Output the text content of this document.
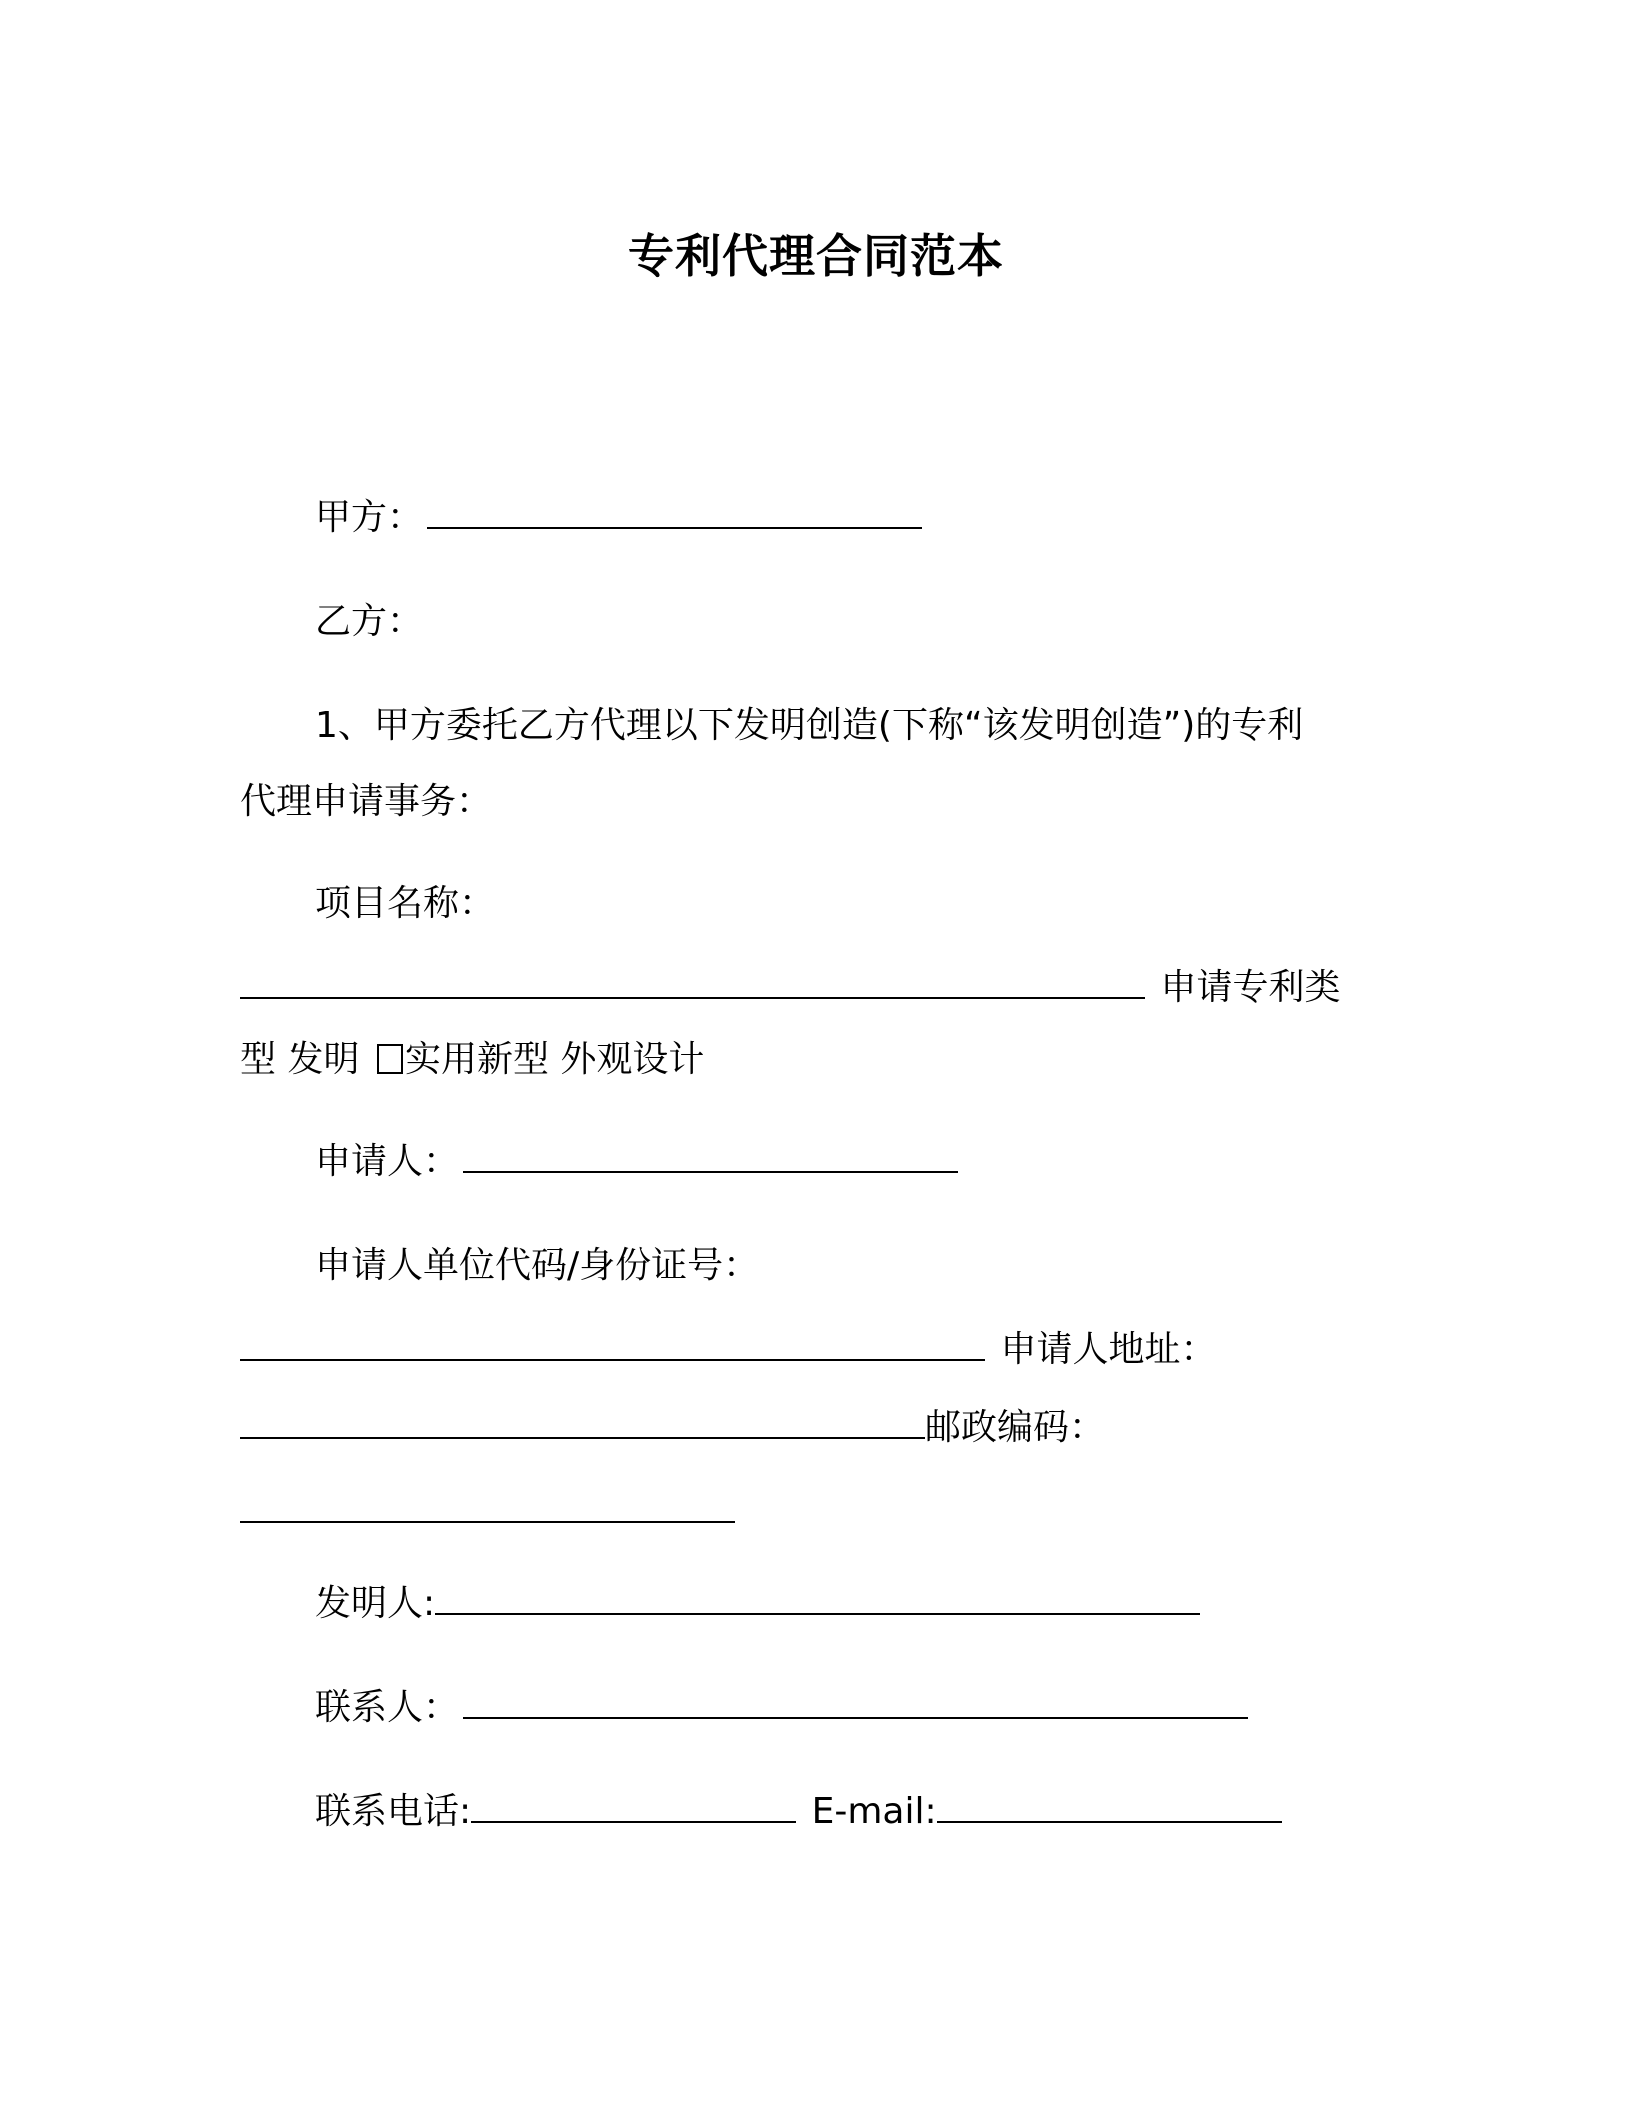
专利代理合同范本
甲方：
乙方：
1、甲方委托乙方代理以下发明创造(下称“该发明创造”)的专利
代理申请事务：
项目名称：
申请专利类
型 发明 实用新型 外观设计
申请人：
申请人单位代码/身份证号：
申请人地址：
邮政编码：
发明人:
联系人：
联系电话:	E-mail:
